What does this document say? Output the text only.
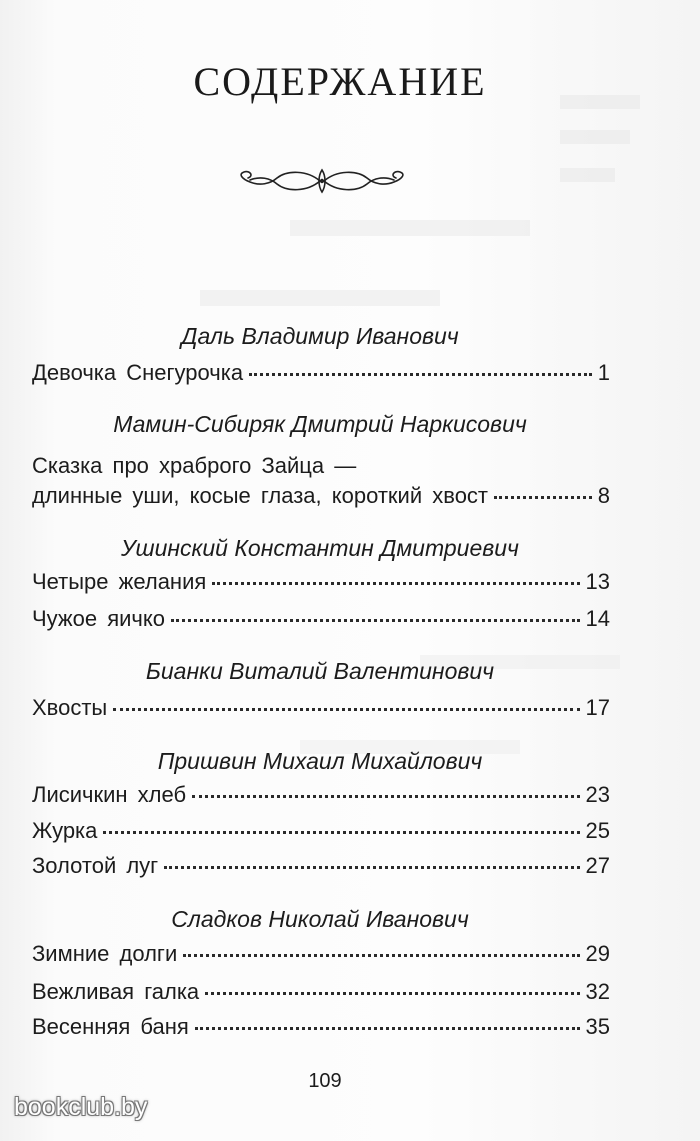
СОДЕРЖАНИЕ
Даль Владимир Иванович
Девочка Снегурочка	1
Мамин-Сибиряк Дмитрий Наркисович
Сказка про храброго Зайца —
длинные уши, косые глаза, короткий хвост	8
Ушинский Константин Дмитриевич
Четыре желания	13
Чужое яичко	14
Бианки Виталий Валентинович
Хвосты	17
Пришвин Михаил Михайлович
Лисичкин хлеб	23
Журка	25
Золотой луг	27
Сладков Николай Иванович
Зимние долги	29
Вежливая галка	32
Весенняя баня	35
109
bookclub.by
